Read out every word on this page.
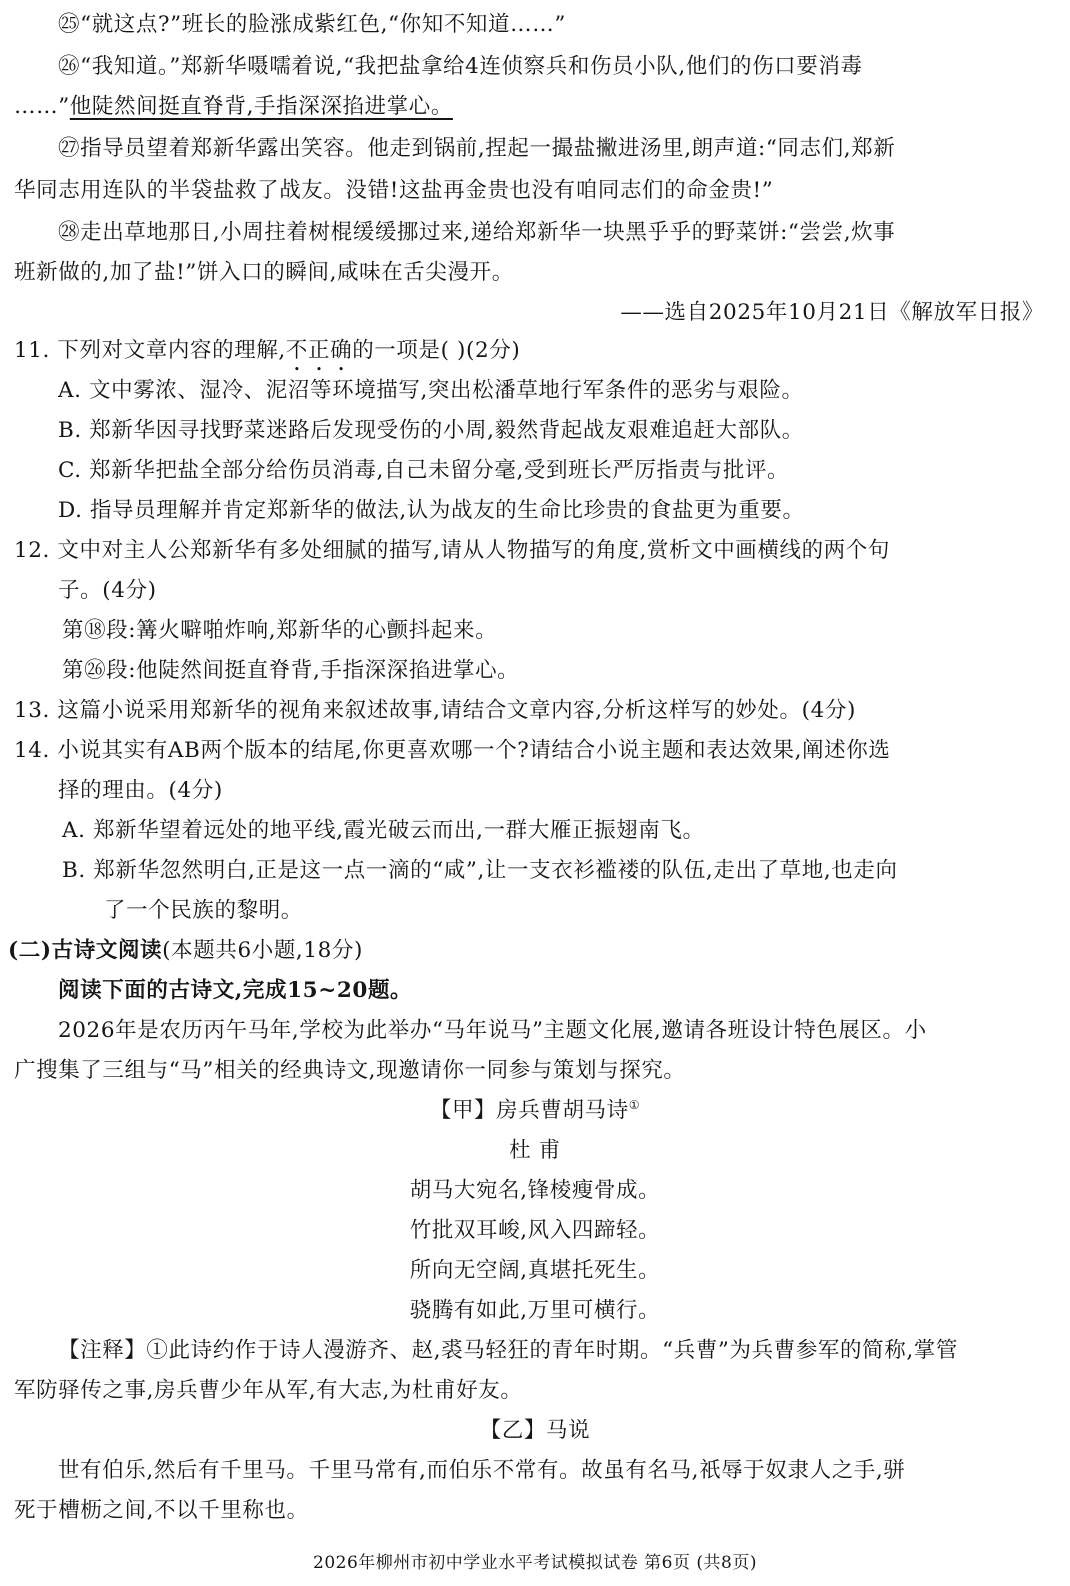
㉕“就这点?”班长的脸涨成紫红色,“你知不知道……”
㉖“我知道。”郑新华嗫嚅着说,“我把盐拿给4连侦察兵和伤员小队,他们的伤口要消毒
……”他陡然间挺直脊背,手指深深掐进掌心。
㉗指导员望着郑新华露出笑容。他走到锅前,捏起一撮盐撇进汤里,朗声道:“同志们,郑新
华同志用连队的半袋盐救了战友。没错!这盐再金贵也没有咱同志们的命金贵!”
㉘走出草地那日,小周拄着树棍缓缓挪过来,递给郑新华一块黑乎乎的野菜饼:“尝尝,炊事
班新做的,加了盐!”饼入口的瞬间,咸味在舌尖漫开。
——选自2025年10月21日《解放军日报》
11. 下列对文章内容的理解,不正确的一项是( )(2分)
A. 文中雾浓、湿冷、泥沼等环境描写,突出松潘草地行军条件的恶劣与艰险。
B. 郑新华因寻找野菜迷路后发现受伤的小周,毅然背起战友艰难追赶大部队。
C. 郑新华把盐全部分给伤员消毒,自己未留分毫,受到班长严厉指责与批评。
D. 指导员理解并肯定郑新华的做法,认为战友的生命比珍贵的食盐更为重要。
12. 文中对主人公郑新华有多处细腻的描写,请从人物描写的角度,赏析文中画横线的两个句
子。(4分)
第⑱段:篝火噼啪炸响,郑新华的心颤抖起来。
第㉖段:他陡然间挺直脊背,手指深深掐进掌心。
13. 这篇小说采用郑新华的视角来叙述故事,请结合文章内容,分析这样写的妙处。(4分)
14. 小说其实有AB两个版本的结尾,你更喜欢哪一个?请结合小说主题和表达效果,阐述你选
择的理由。(4分)
A. 郑新华望着远处的地平线,霞光破云而出,一群大雁正振翅南飞。
B. 郑新华忽然明白,正是这一点一滴的“咸”,让一支衣衫褴褛的队伍,走出了草地,也走向
了一个民族的黎明。
(二)古诗文阅读(本题共6小题,18分)
阅读下面的古诗文,完成15~20题。
2026年是农历丙午马年,学校为此举办“马年说马”主题文化展,邀请各班设计特色展区。小
广搜集了三组与“马”相关的经典诗文,现邀请你一同参与策划与探究。
【甲】房兵曹胡马诗①
杜 甫
胡马大宛名,锋棱瘦骨成。
竹批双耳峻,风入四蹄轻。
所向无空阔,真堪托死生。
骁腾有如此,万里可横行。
【注释】①此诗约作于诗人漫游齐、赵,裘马轻狂的青年时期。“兵曹”为兵曹参军的简称,掌管
军防驿传之事,房兵曹少年从军,有大志,为杜甫好友。
【乙】马说
世有伯乐,然后有千里马。千里马常有,而伯乐不常有。故虽有名马,祇辱于奴隶人之手,骈
死于槽枥之间,不以千里称也。
2026年柳州市初中学业水平考试模拟试卷 第6页 (共8页)
